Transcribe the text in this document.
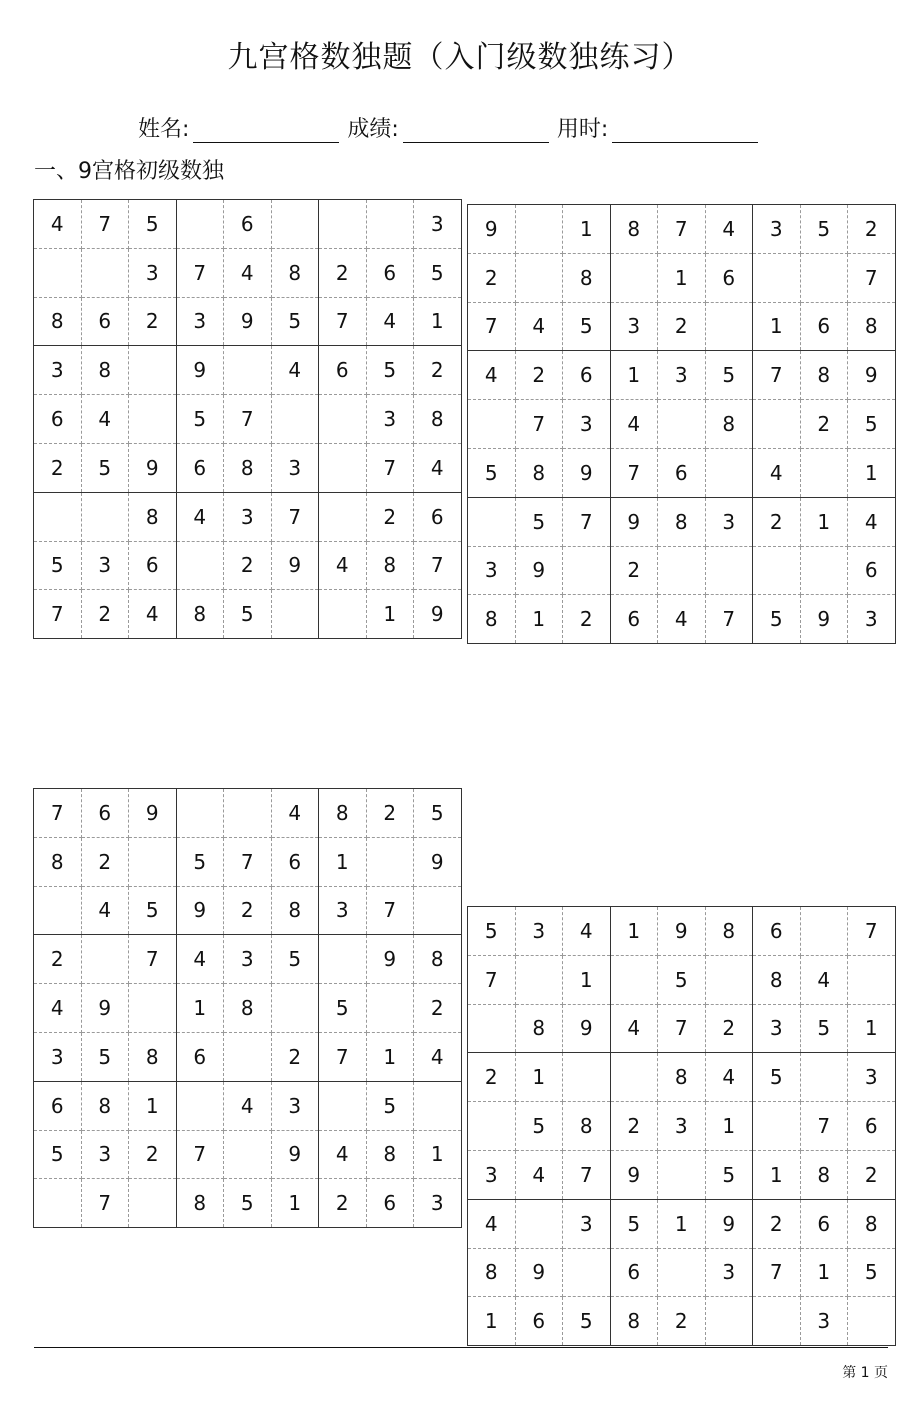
九宫格数独题（入门级数独练习）
姓名:	成绩:	用时:
一、9宫格初级数独
4	7	5		6				3
		3	7	4	8	2	6	5
8	6	2	3	9	5	7	4	1
3	8		9		4	6	5	2
6	4		5	7			3	8
2	5	9	6	8	3		7	4
		8	4	3	7		2	6
5	3	6		2	9	4	8	7
7	2	4	8	5			1	9
9		1	8	7	4	3	5	2
2		8		1	6			7
7	4	5	3	2		1	6	8
4	2	6	1	3	5	7	8	9
	7	3	4		8		2	5
5	8	9	7	6		4		1
	5	7	9	8	3	2	1	4
3	9		2					6
8	1	2	6	4	7	5	9	3
7	6	9			4	8	2	5
8	2		5	7	6	1		9
	4	5	9	2	8	3	7	
2		7	4	3	5		9	8
4	9		1	8		5		2
3	5	8	6		2	7	1	4
6	8	1		4	3		5	
5	3	2	7		9	4	8	1
	7		8	5	1	2	6	3
5	3	4	1	9	8	6		7
7		1		5		8	4	
	8	9	4	7	2	3	5	1
2	1			8	4	5		3
	5	8	2	3	1		7	6
3	4	7	9		5	1	8	2
4		3	5	1	9	2	6	8
8	9		6		3	7	1	5
1	6	5	8	2			3	
第 1 页
